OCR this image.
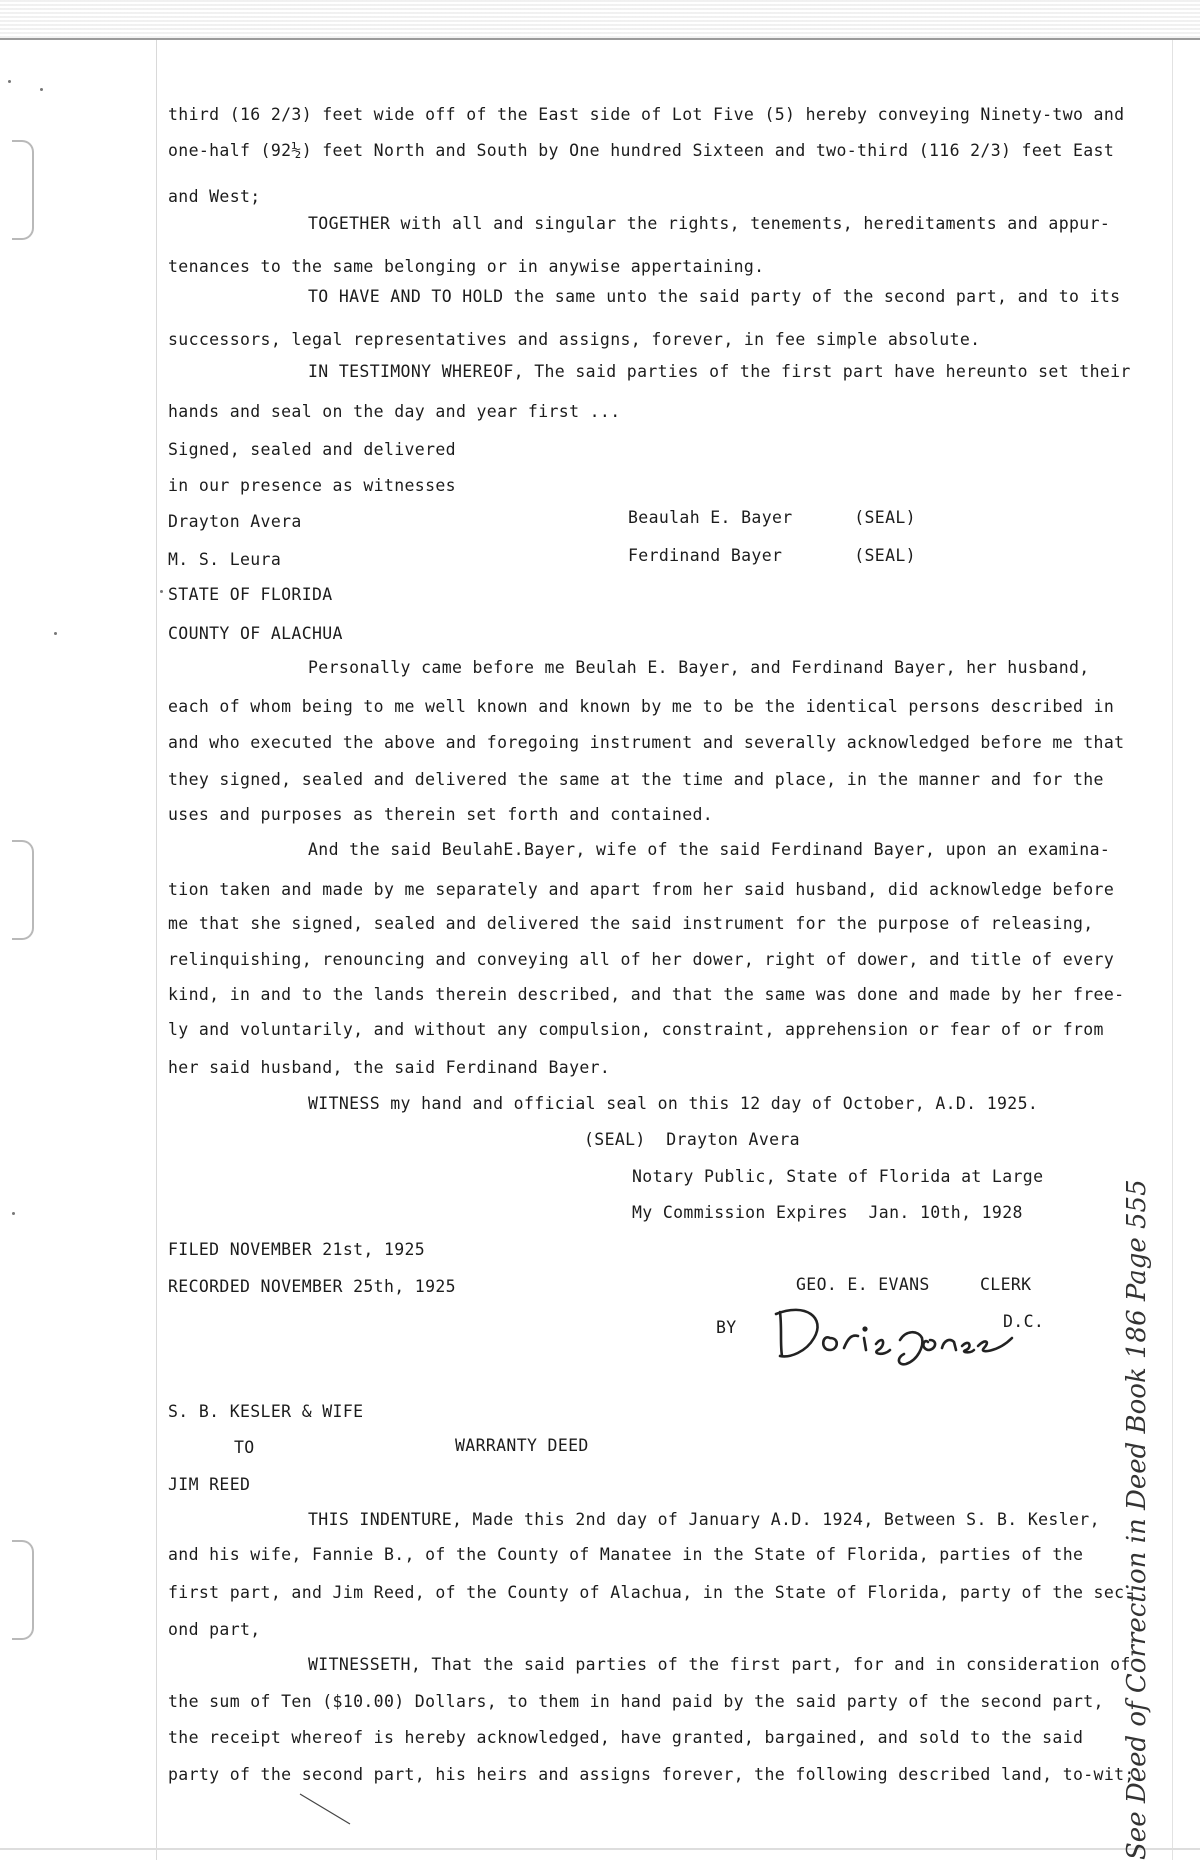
third (16 2/3) feet wide off of the East side of Lot Five (5) hereby conveying Ninety-two and
one-half (92½) feet North and South by One hundred Sixteen and two-third (116 2/3) feet East
and West;
TOGETHER with all and singular the rights, tenements, hereditaments and appur-
tenances to the same belonging or in anywise appertaining.
TO HAVE AND TO HOLD the same unto the said party of the second part, and to its
successors, legal representatives and assigns, forever, in fee simple absolute.
IN TESTIMONY WHEREOF, The said parties of the first part have hereunto set their
hands and seal on the day and year first ...
Signed, sealed and delivered
in our presence as witnesses
Drayton Avera	Beaulah E. Bayer      (SEAL)
M. S. Leura	Ferdinand Bayer       (SEAL)
STATE OF FLORIDA
COUNTY OF ALACHUA
Personally came before me Beulah E. Bayer, and Ferdinand Bayer, her husband,
each of whom being to me well known and known by me to be the identical persons described in
and who executed the above and foregoing instrument and severally acknowledged before me that
they signed, sealed and delivered the same at the time and place, in the manner and for the
uses and purposes as therein set forth and contained.
And the said BeulahE.Bayer, wife of the said Ferdinand Bayer, upon an examina-
tion taken and made by me separately and apart from her said husband, did acknowledge before
me that she signed, sealed and delivered the said instrument for the purpose of releasing,
relinquishing, renouncing and conveying all of her dower, right of dower, and title of every
kind, in and to the lands therein described, and that the same was done and made by her free-
ly and voluntarily, and without any compulsion, constraint, apprehension or fear of or from
her said husband, the said Ferdinand Bayer.
WITNESS my hand and official seal on this 12 day of October, A.D. 1925.
(SEAL)  Drayton Avera
Notary Public, State of Florida at Large
My Commission Expires  Jan. 10th, 1928
FILED NOVEMBER 21st, 1925
RECORDED NOVEMBER 25th, 1925	GEO. E. EVANS	CLERK
BY	D.C.
S. B. KESLER & WIFE
TO	WARRANTY DEED
JIM REED
THIS INDENTURE, Made this 2nd day of January A.D. 1924, Between S. B. Kesler,
and his wife, Fannie B., of the County of Manatee in the State of Florida, parties of the
first part, and Jim Reed, of the County of Alachua, in the State of Florida, party of the sec-
ond part,
WITNESSETH, That the said parties of the first part, for and in consideration of
the sum of Ten ($10.00) Dollars, to them in hand paid by the said party of the second part,
the receipt whereof is hereby acknowledged, have granted, bargained, and sold to the said
party of the second part, his heirs and assigns forever, the following described land, to-wit;
See Deed of Correction in Deed Book 186 Page 555
